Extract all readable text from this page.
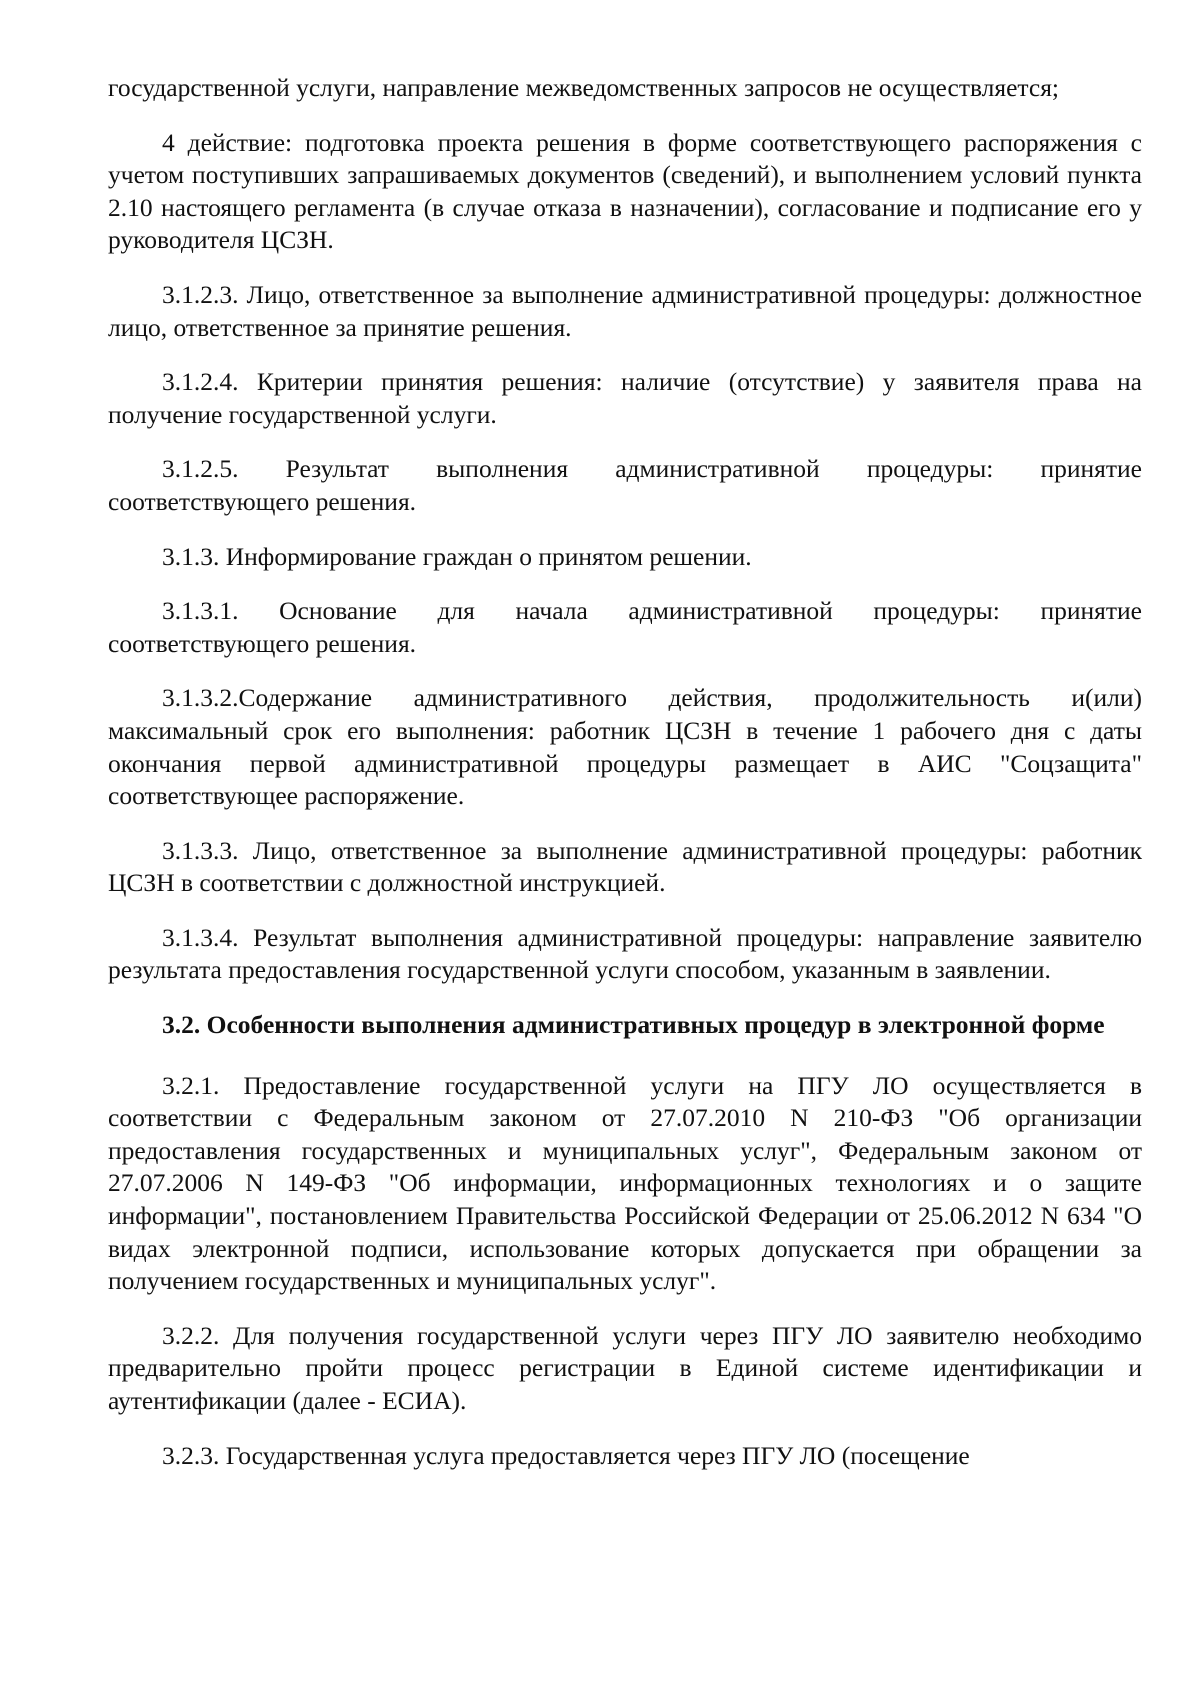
государственной услуги, направление межведомственных запросов не осуществляется;

4 действие: подготовка проекта решения в форме соответствующего распоряжения с учетом поступивших запрашиваемых документов (сведений), и выполнением условий пункта 2.10 настоящего регламента (в случае отказа в назначении), согласование и подписание его у руководителя ЦСЗН.

3.1.2.3. Лицо, ответственное за выполнение административной процедуры: должностное лицо, ответственное за принятие решения.

3.1.2.4. Критерии принятия решения: наличие (отсутствие) у заявителя права на получение государственной услуги.

3.1.2.5. Результат выполнения административной процедуры: принятие соответствующего решения.

3.1.3. Информирование граждан о принятом решении.

3.1.3.1. Основание для начала административной процедуры: принятие соответствующего решения.

3.1.3.2.Содержание административного действия, продолжительность и(или) максимальный срок его выполнения: работник ЦСЗН в течение 1 рабочего дня с даты окончания первой административной процедуры размещает в АИС "Соцзащита" соответствующее распоряжение.

3.1.3.3. Лицо, ответственное за выполнение административной процедуры: работник ЦСЗН в соответствии с должностной инструкцией.

3.1.3.4. Результат выполнения административной процедуры: направление заявителю результата предоставления государственной услуги способом, указанным в заявлении.

3.2. Особенности выполнения административных процедур в электронной форме

3.2.1. Предоставление государственной услуги на ПГУ ЛО осуществляется в соответствии с Федеральным законом от 27.07.2010 N 210-ФЗ "Об организации предоставления государственных и муниципальных услуг", Федеральным законом от 27.07.2006 N 149-ФЗ "Об информации, информационных технологиях и о защите информации", постановлением Правительства Российской Федерации от 25.06.2012 N 634 "О видах электронной подписи, использование которых допускается при обращении за получением государственных и муниципальных услуг".

3.2.2. Для получения государственной услуги через ПГУ ЛО заявителю необходимо предварительно пройти процесс регистрации в Единой системе идентификации и аутентификации (далее - ЕСИА).

3.2.3. Государственная услуга предоставляется через ПГУ ЛО (посещение
